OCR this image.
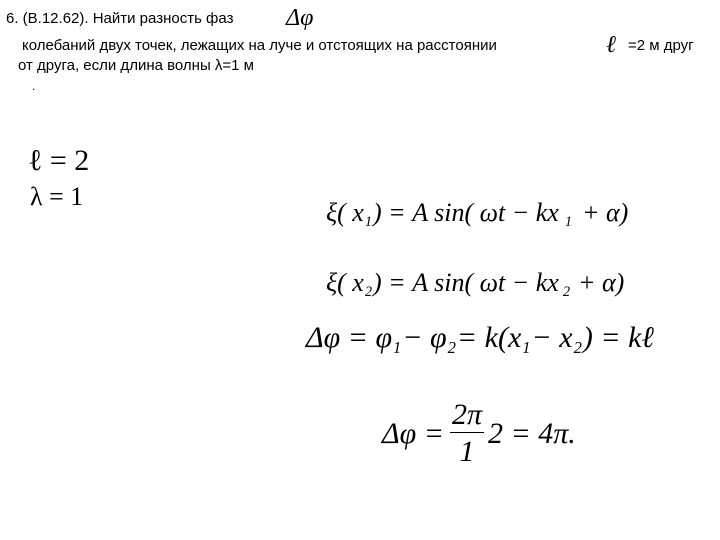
6. (В.12.62). Найти разность фаз Δφ
колебаний двух точек, лежащих на луче и отстоящих на расстоянии	ℓ =2 м друг
от друга, если длина волны λ=1 м
.
ℓ = 2
λ = 1
ξ( x1) = A sin( ωt − kx 1 + α)
ξ( x2) = A sin( ωt − kx 2 + α)
Δφ = φ1− φ2= k(x1− x2) = kℓ
$\Delta\varphi = \frac{2\pi}{1} 2 = 4\pi$.
